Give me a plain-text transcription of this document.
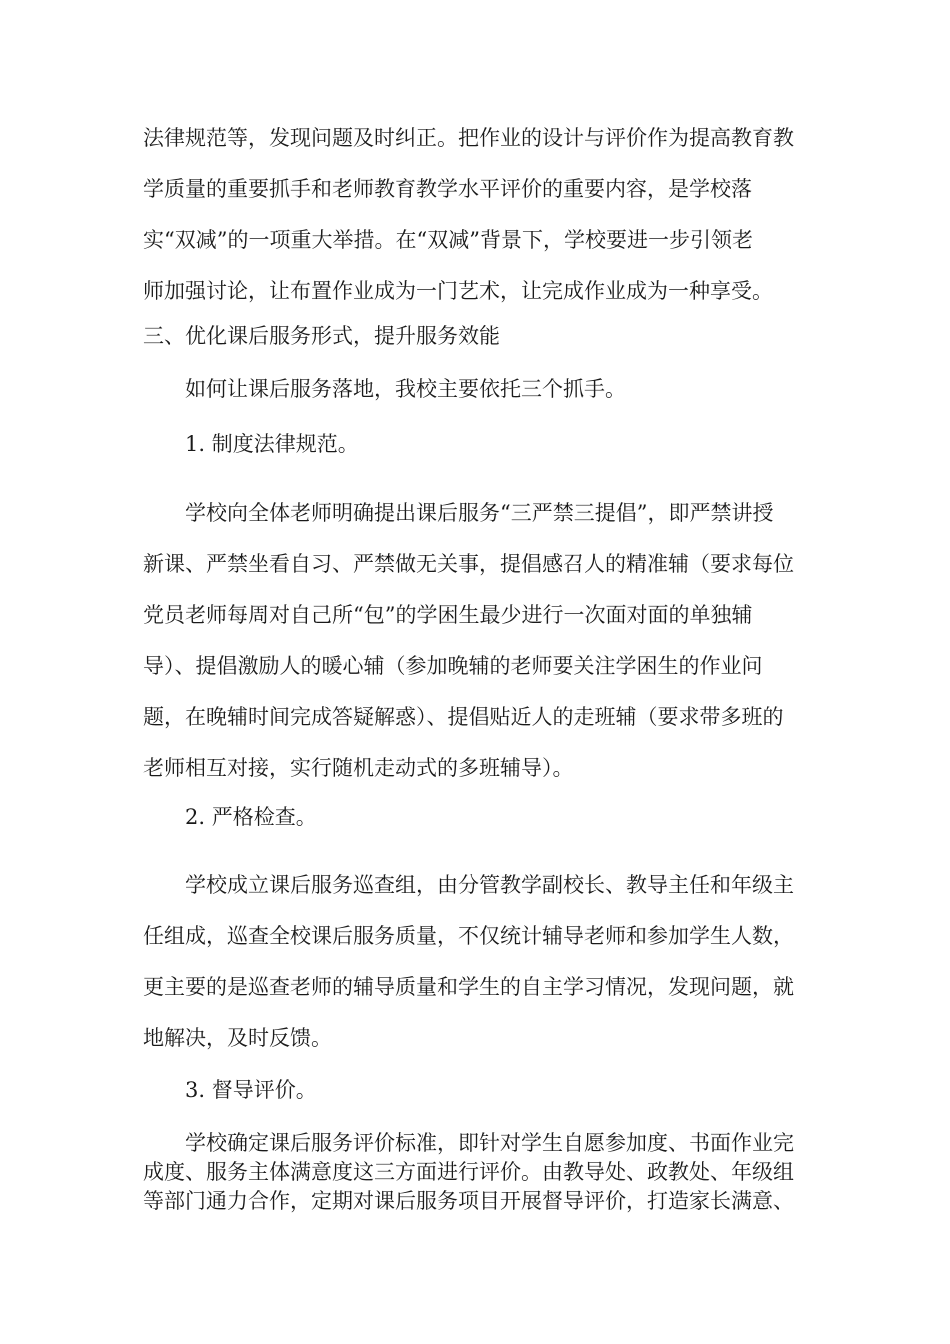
法律规范等，发现问题及时纠正。把作业的设计与评价作为提高教育教
学质量的重要抓手和老师教育教学水平评价的重要内容，是学校落
实“双减”的一项重大举措。在“双减”背景下，学校要进一步引领老
师加强讨论，让布置作业成为一门艺术，让完成作业成为一种享受。
三、优化课后服务形式，提升服务效能
如何让课后服务落地，我校主要依托三个抓手。
1. 制度法律规范。
学校向全体老师明确提出课后服务“三严禁三提倡”，即严禁讲授
新课、严禁坐看自习、严禁做无关事，提倡感召人的精准辅（要求每位
党员老师每周对自己所“包”的学困生最少进行一次面对面的单独辅
导）、提倡激励人的暖心辅（参加晚辅的老师要关注学困生的作业问
题，在晚辅时间完成答疑解惑）、提倡贴近人的走班辅（要求带多班的
老师相互对接，实行随机走动式的多班辅导）。
2. 严格检查。
学校成立课后服务巡查组，由分管教学副校长、教导主任和年级主
任组成，巡查全校课后服务质量，不仅统计辅导老师和参加学生人数，
更主要的是巡查老师的辅导质量和学生的自主学习情况，发现问题，就
地解决，及时反馈。
3. 督导评价。
学校确定课后服务评价标准，即针对学生自愿参加度、书面作业完
成度、服务主体满意度这三方面进行评价。由教导处、政教处、年级组
等部门通力合作，定期对课后服务项目开展督导评价，打造家长满意、
